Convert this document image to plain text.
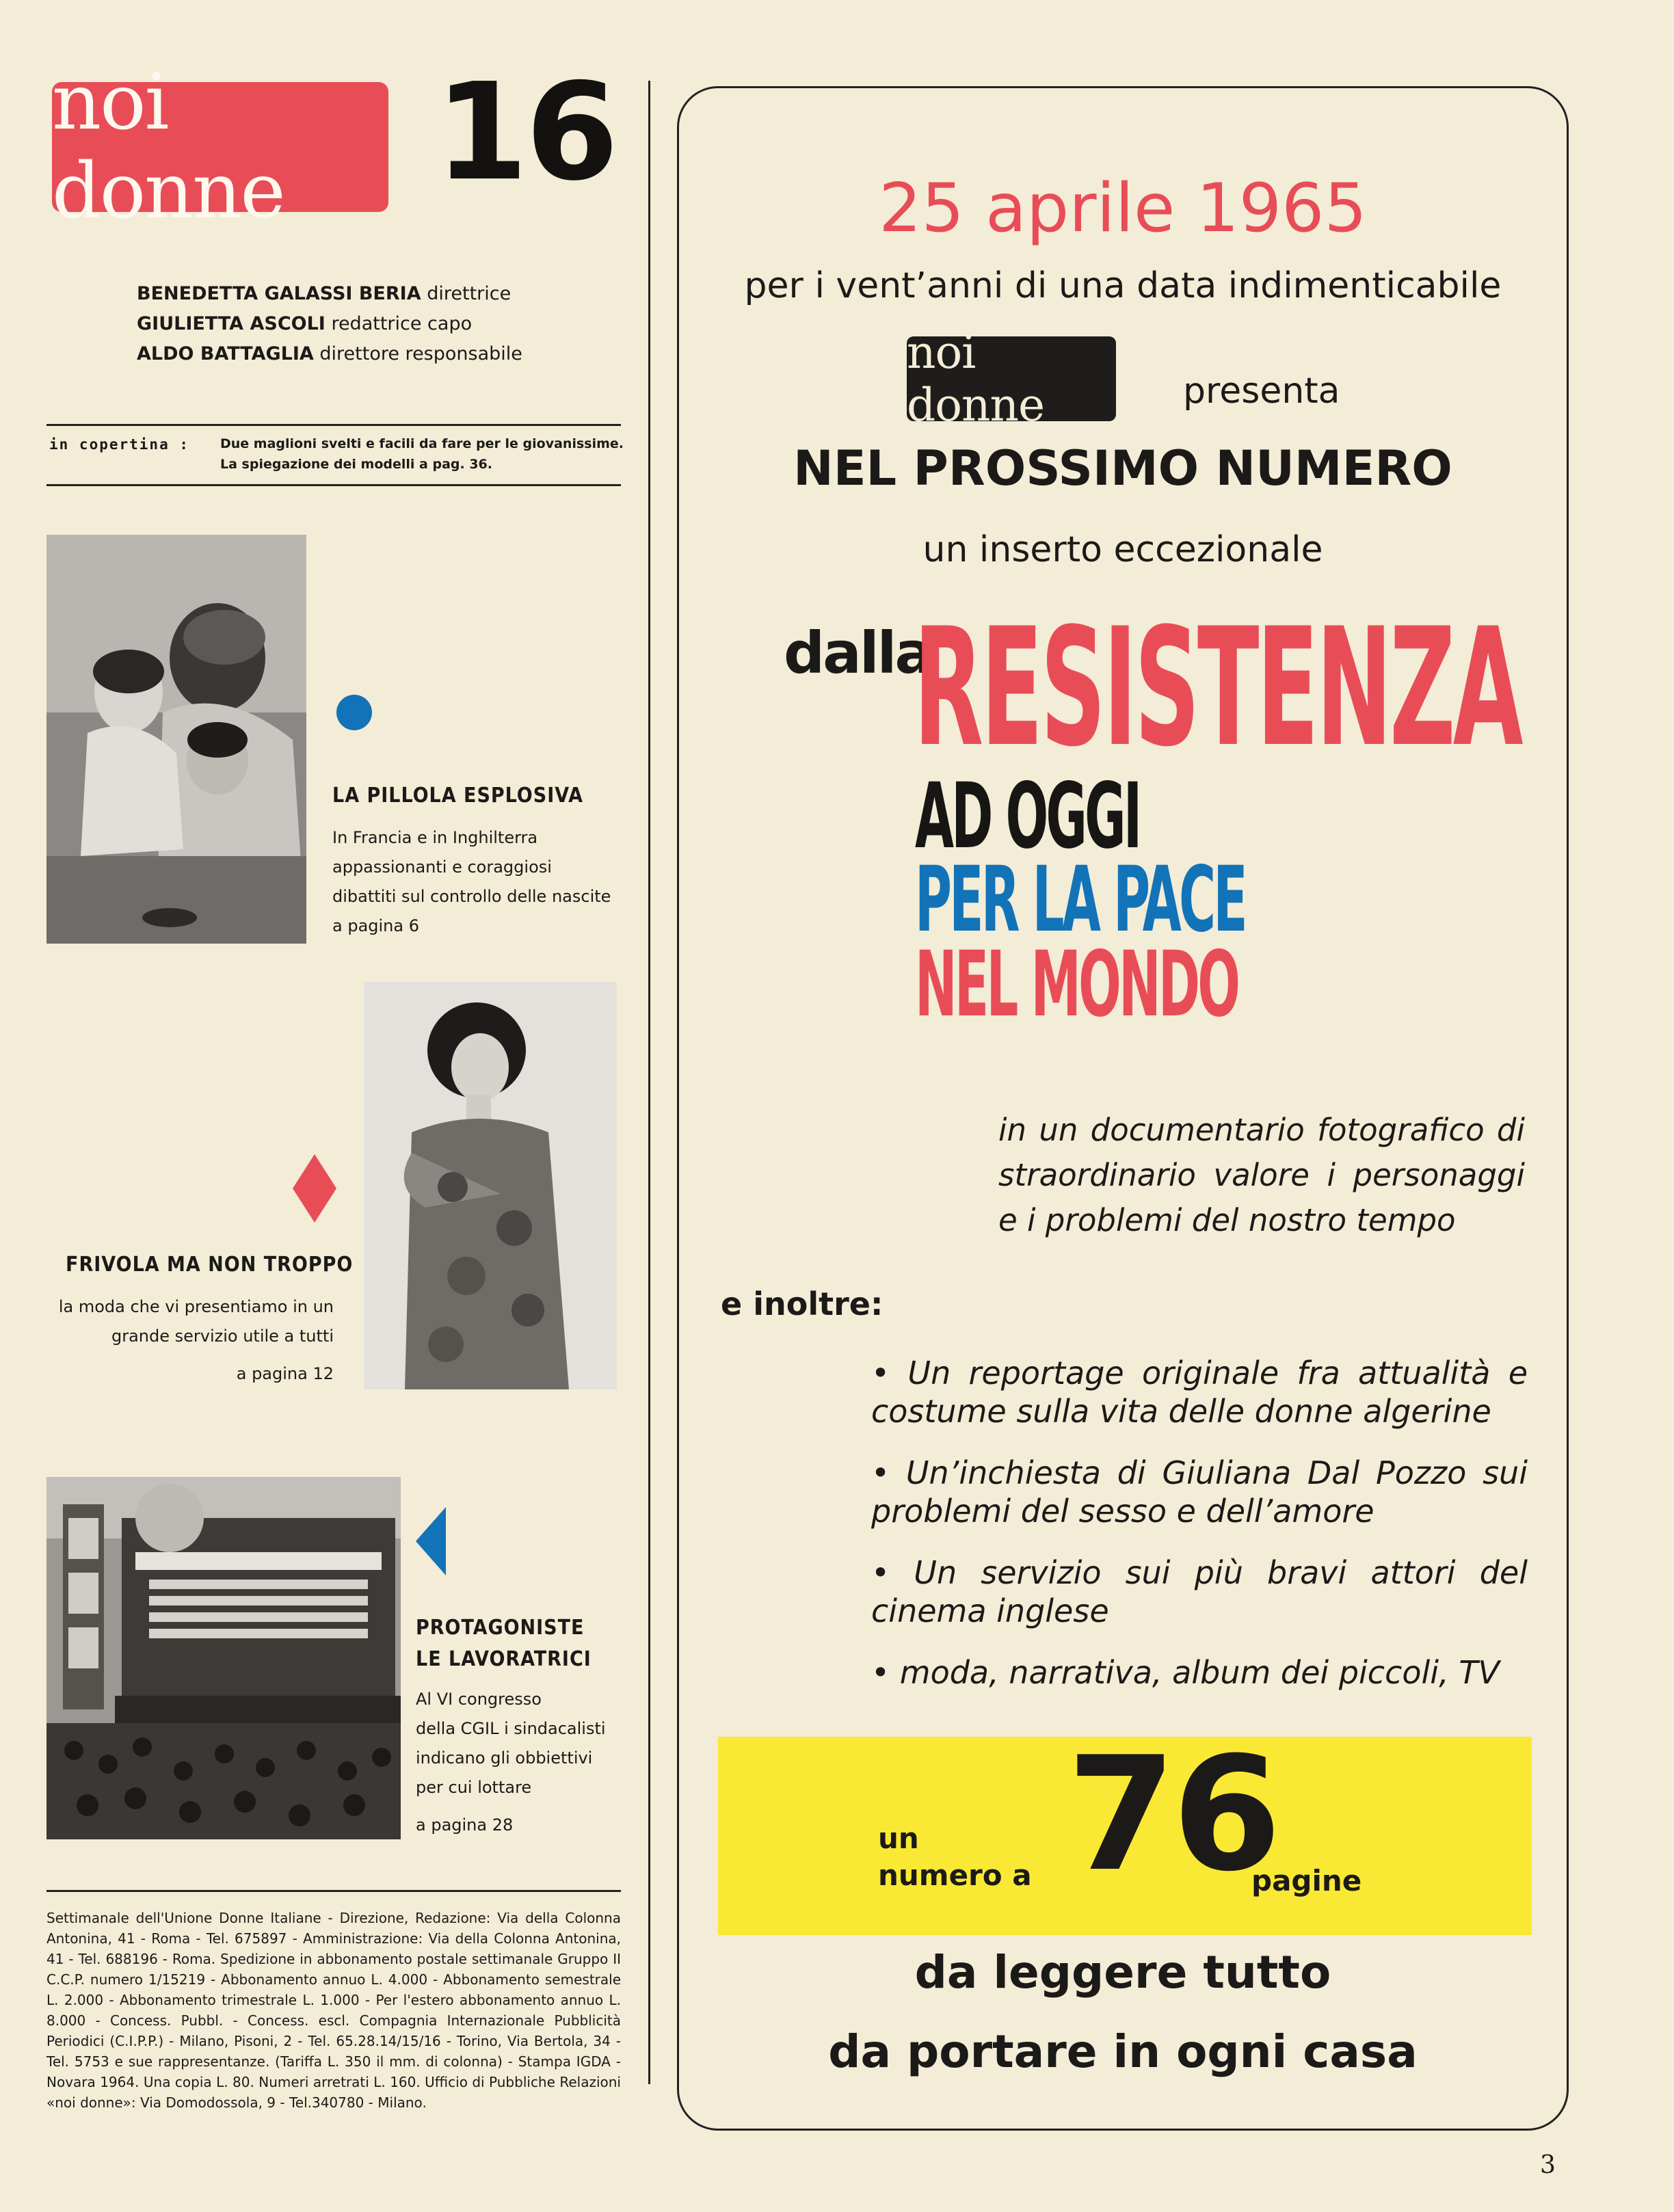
noi donne	16
BENEDETTA GALASSI BERIA direttrice
GIULIETTA ASCOLI redattrice capo
ALDO BATTAGLIA direttore responsabile
in copertina : Due maglioni svelti e facili da fare per le giovanissime. La spiegazione dei modelli a pag. 36.
LA PILLOLA ESPLOSIVA
In Francia e in Inghilterra
appassionanti e coraggiosi
dibattiti sul controllo delle nascite
a pagina 6
FRIVOLA MA NON TROPPO
la moda che vi presentiamo in un
grande servizio utile a tutti
a pagina 12
PROTAGONISTE
LE LAVORATRICI
Al VI congresso
della CGIL i sindacalisti
indicano gli obbiettivi
per cui lottare
a pagina 28
Settimanale dell'Unione Donne Italiane - Direzione, Redazione: Via della Colonna Antonina, 41 - Roma - Tel. 675897 - Amministrazione: Via della Colonna Antonina, 41 - Tel. 688196 - Roma. Spedizione in abbonamento postale settimanale Gruppo II C.C.P. numero 1/15219 - Abbonamento annuo L. 4.000 - Abbonamento semestrale L. 2.000 - Abbonamento trimestrale L. 1.000 - Per l'estero abbonamento annuo L. 8.000 - Concess. Pubbl. - Concess. escl. Compagnia Internazionale Pubblicità Periodici (C.I.P.P.) - Milano, Pisoni, 2 - Tel. 65.28.14/15/16 - Torino, Via Bertola, 34 - Tel. 5753 e sue rappresentanze. (Tariffa L. 350 il mm. di colonna) - Stampa IGDA - Novara 1964. Una copia L. 80. Numeri arretrati L. 160. Ufficio di Pubbliche Relazioni «noi donne»: Via Domodossola, 9 - Tel.340780 - Milano.
25 aprile 1965
per i vent’anni di una data indimenticabile
noi donne	presenta
NEL PROSSIMO NUMERO
un inserto eccezionale
dalla
RESISTENZA
AD OGGI
PER LA PACE
NEL MONDO
in un documentario fotografico di straordinario valore i personaggi e i problemi del nostro tempo
e inoltre:
• Un reportage originale fra attualità e costume sulla vita delle donne algerine
• Un’inchiesta di Giuliana Dal Pozzo sui problemi del sesso e dell’amore
• Un servizio sui più bravi attori del cinema inglese
• moda, narrativa, album dei piccoli, TV
un
numero a 76
pagine
da leggere tutto
da portare in ogni casa
3
